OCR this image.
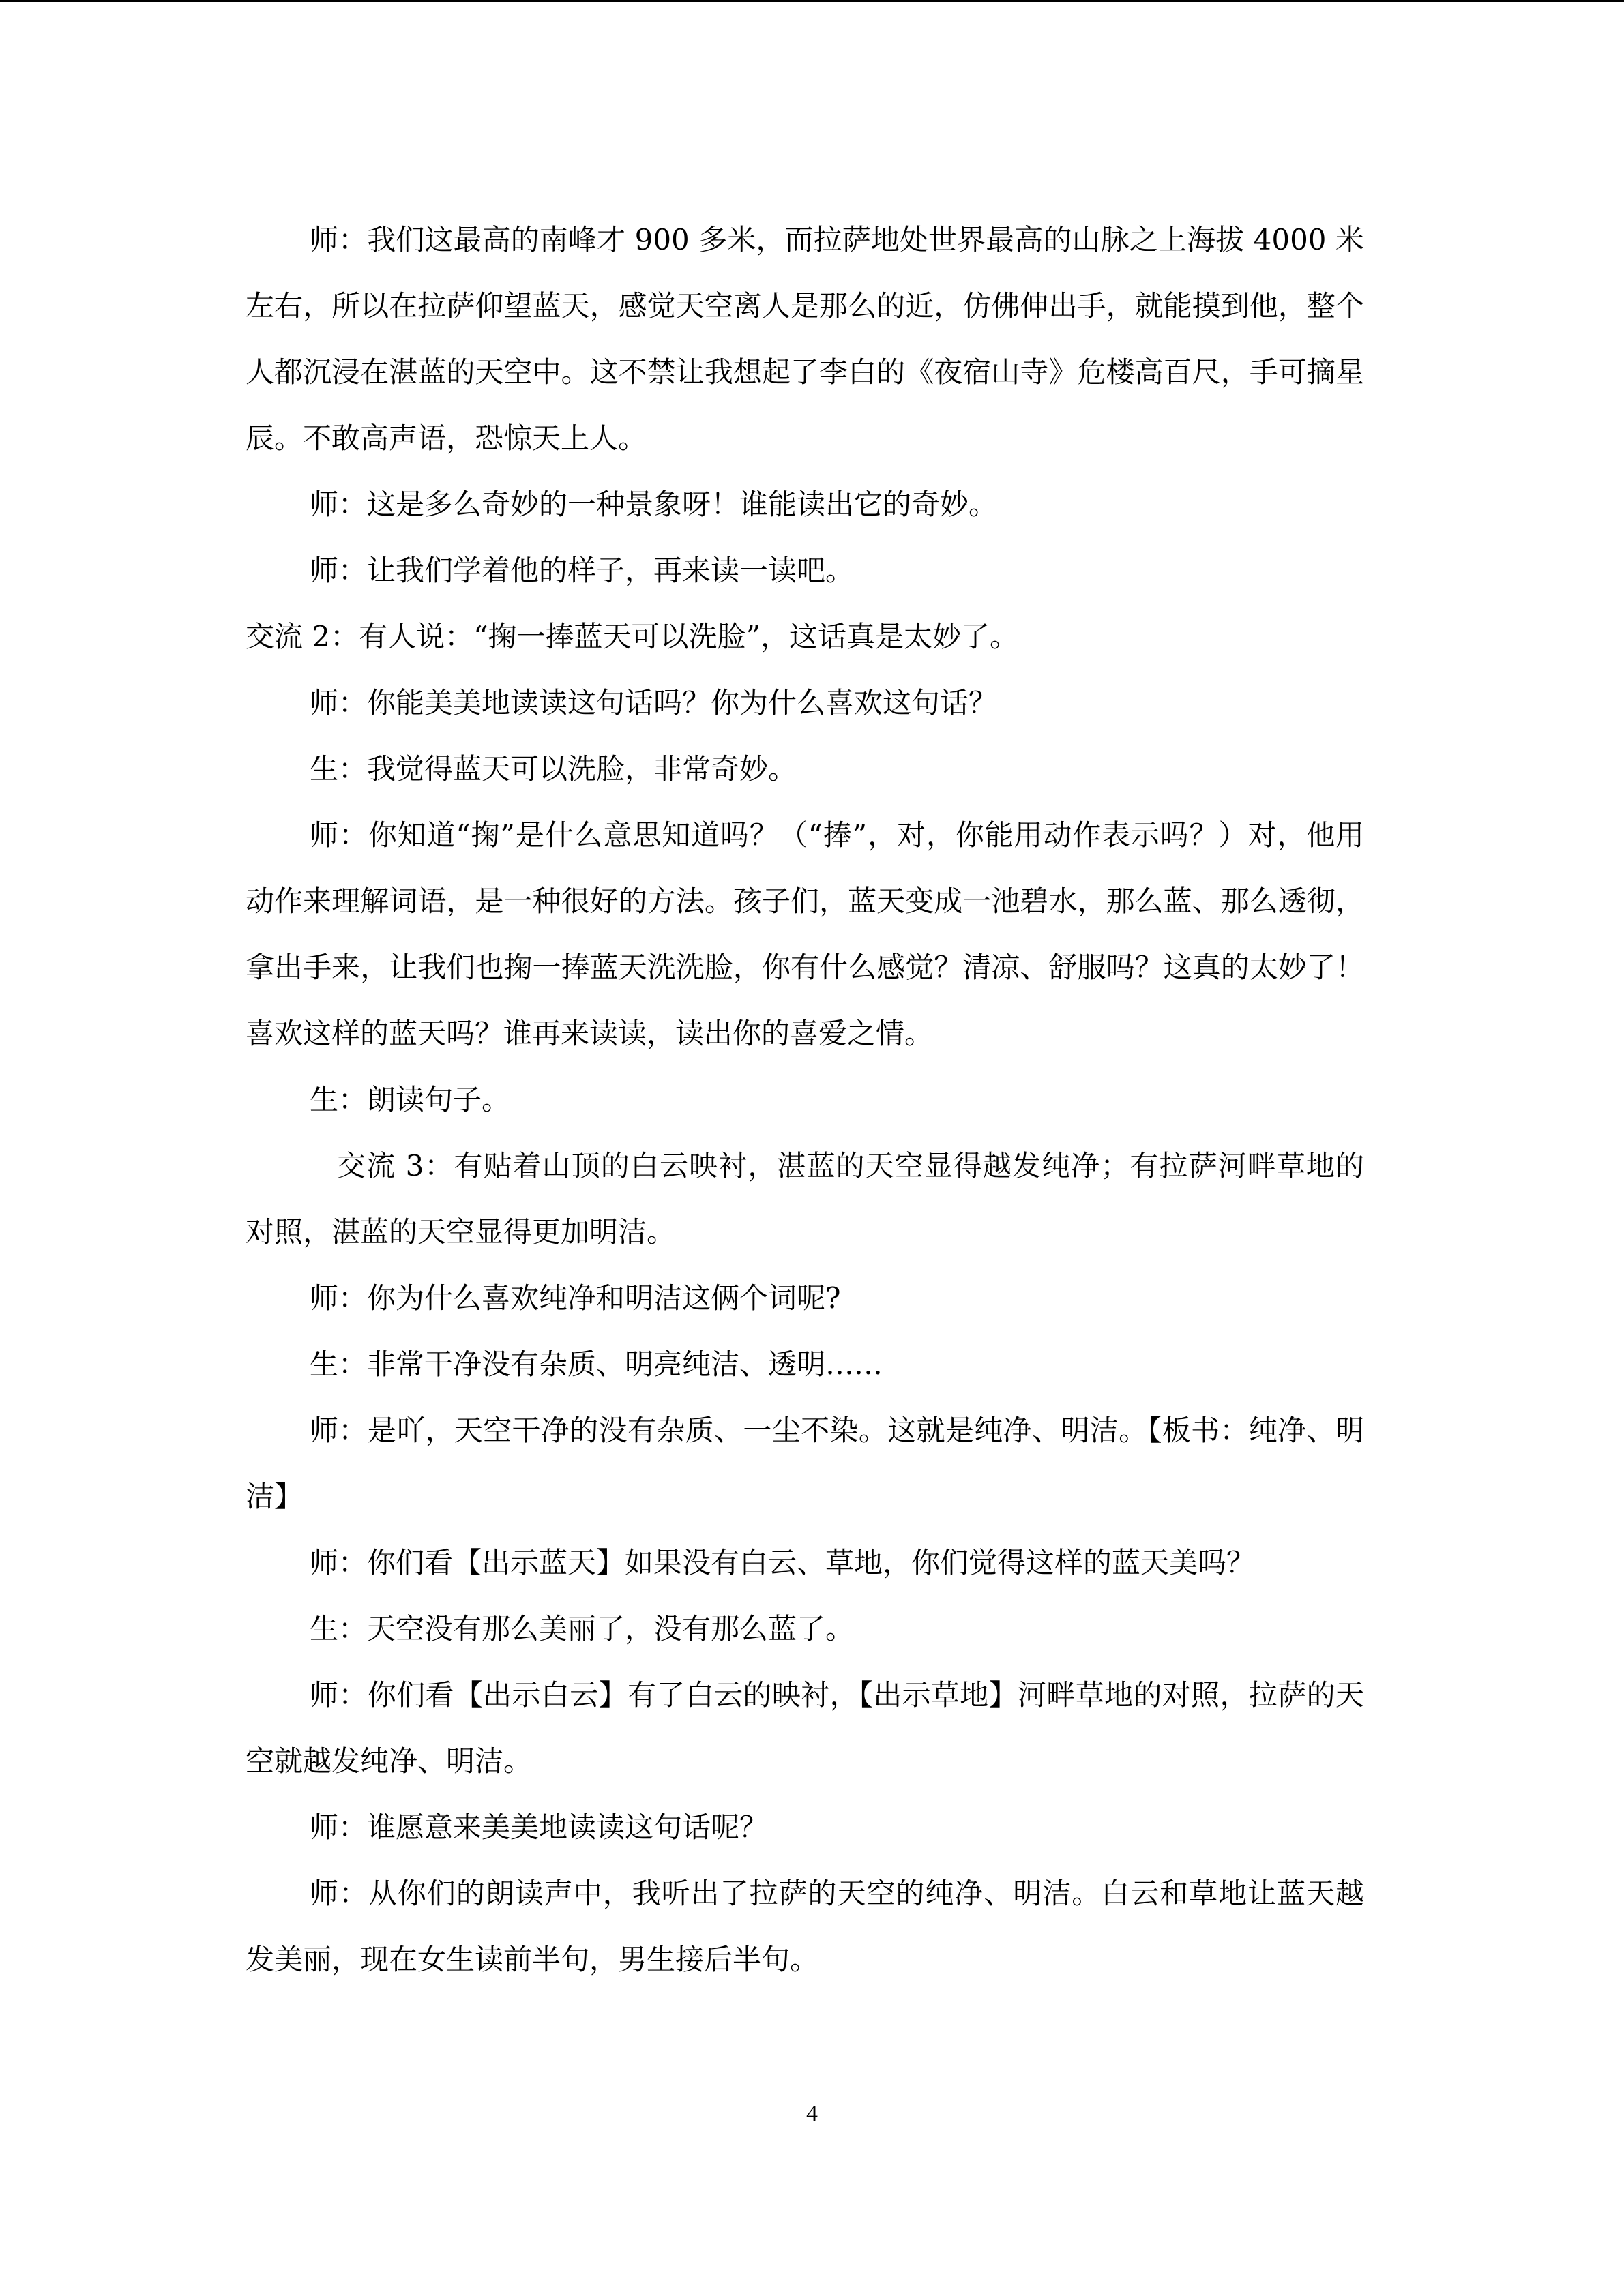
师：我们这最高的南峰才 900 多米，而拉萨地处世界最高的山脉之上海拔 4000 米左右，所以在拉萨仰望蓝天，感觉天空离人是那么的近，仿佛伸出手，就能摸到他，整个人都沉浸在湛蓝的天空中。这不禁让我想起了李白的《夜宿山寺》危楼高百尺，手可摘星辰。不敢高声语，恐惊天上人。

师：这是多么奇妙的一种景象呀！谁能读出它的奇妙。

师：让我们学着他的样子，再来读一读吧。

交流 2：有人说：“掬一捧蓝天可以洗脸”，这话真是太妙了。

师：你能美美地读读这句话吗？你为什么喜欢这句话？

生：我觉得蓝天可以洗脸，非常奇妙。

师：你知道“掬”是什么意思知道吗？（“捧”，对，你能用动作表示吗？）对，他用动作来理解词语，是一种很好的方法。孩子们，蓝天变成一池碧水，那么蓝、那么透彻，拿出手来，让我们也掬一捧蓝天洗洗脸，你有什么感觉？清凉、舒服吗？这真的太妙了！喜欢这样的蓝天吗？谁再来读读，读出你的喜爱之情。

生：朗读句子。

交流 3：有贴着山顶的白云映衬，湛蓝的天空显得越发纯净；有拉萨河畔草地的对照，湛蓝的天空显得更加明洁。

师：你为什么喜欢纯净和明洁这俩个词呢?

生：非常干净没有杂质、明亮纯洁、透明……

师：是吖，天空干净的没有杂质、一尘不染。这就是纯净、明洁。【板书：纯净、明洁】

师：你们看【出示蓝天】如果没有白云、草地，你们觉得这样的蓝天美吗？

生：天空没有那么美丽了，没有那么蓝了。

师：你们看【出示白云】有了白云的映衬，【出示草地】河畔草地的对照，拉萨的天空就越发纯净、明洁。

师：谁愿意来美美地读读这句话呢？

师：从你们的朗读声中，我听出了拉萨的天空的纯净、明洁。白云和草地让蓝天越发美丽，现在女生读前半句，男生接后半句。

4
